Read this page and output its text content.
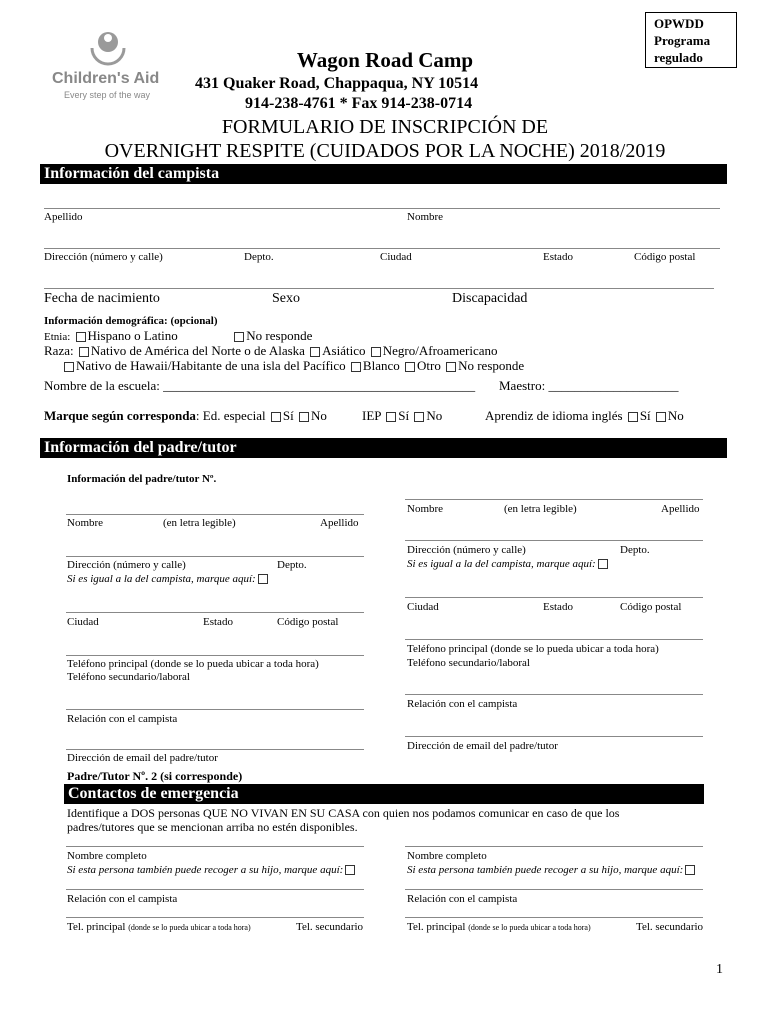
Children's Aid
Every step of the way
OPWDD
Programa
regulado
Wagon Road Camp
431 Quaker Road, Chappaqua, NY 10514
914-238-4761 * Fax 914-238-0714
FORMULARIO DE INSCRIPCIÓN DE
OVERNIGHT RESPITE (CUIDADOS POR LA NOCHE) 2018/2019
Información del campista
Apellido	Nombre
Dirección (número y calle)	Depto.	Ciudad	Estado	Código postal
Fecha de nacimiento	Sexo	Discapacidad
Información demográfica: (opcional)
Etnia: Hispano o Latino	No responde
Raza: Nativo de América del Norte o de Alaska Asiático Negro/Afroamericano
Nativo de Hawaii/Habitante de una isla del Pacífico Blanco Otro No responde
Nombre de la escuela: ________________________________________________ Maestro: ____________________
Marque según corresponda: Ed. especial Sí No	IEP Sí No	Aprendiz de idioma inglés Sí No
Información del padre/tutor
Información del padre/tutor Nº.
Nombre	(en letra legible)	Apellido
Nombre	(en letra legible)	Apellido
Dirección (número y calle)	Depto.
Si es igual a la del campista, marque aquí:
Dirección (número y calle)	Depto.
Si es igual a la del campista, marque aquí:
Ciudad	Estado	Código postal
Ciudad	Estado	Código postal
Teléfono principal (donde se lo pueda ubicar a toda hora)
Teléfono secundario/laboral
Teléfono principal (donde se lo pueda ubicar a toda hora)
Teléfono secundario/laboral
Relación con el campista
Relación con el campista
Dirección de email del padre/tutor
Dirección de email del padre/tutor
Padre/Tutor Nº. 2 (si corresponde)
Contactos de emergencia
Identifique a DOS personas QUE NO VIVAN EN SU CASA con quien nos podamos comunicar en caso de que los
padres/tutores que se mencionan arriba no estén disponibles.
Nombre completo	Nombre completo
Si esta persona también puede recoger a su hijo, marque aquí:	Si esta persona también puede recoger a su hijo, marque aquí:
Relación con el campista	Relación con el campista
Tel. principal (donde se lo pueda ubicar a toda hora)	Tel. secundario	Tel. principal (donde se lo pueda ubicar a toda hora)	Tel. secundario
1
